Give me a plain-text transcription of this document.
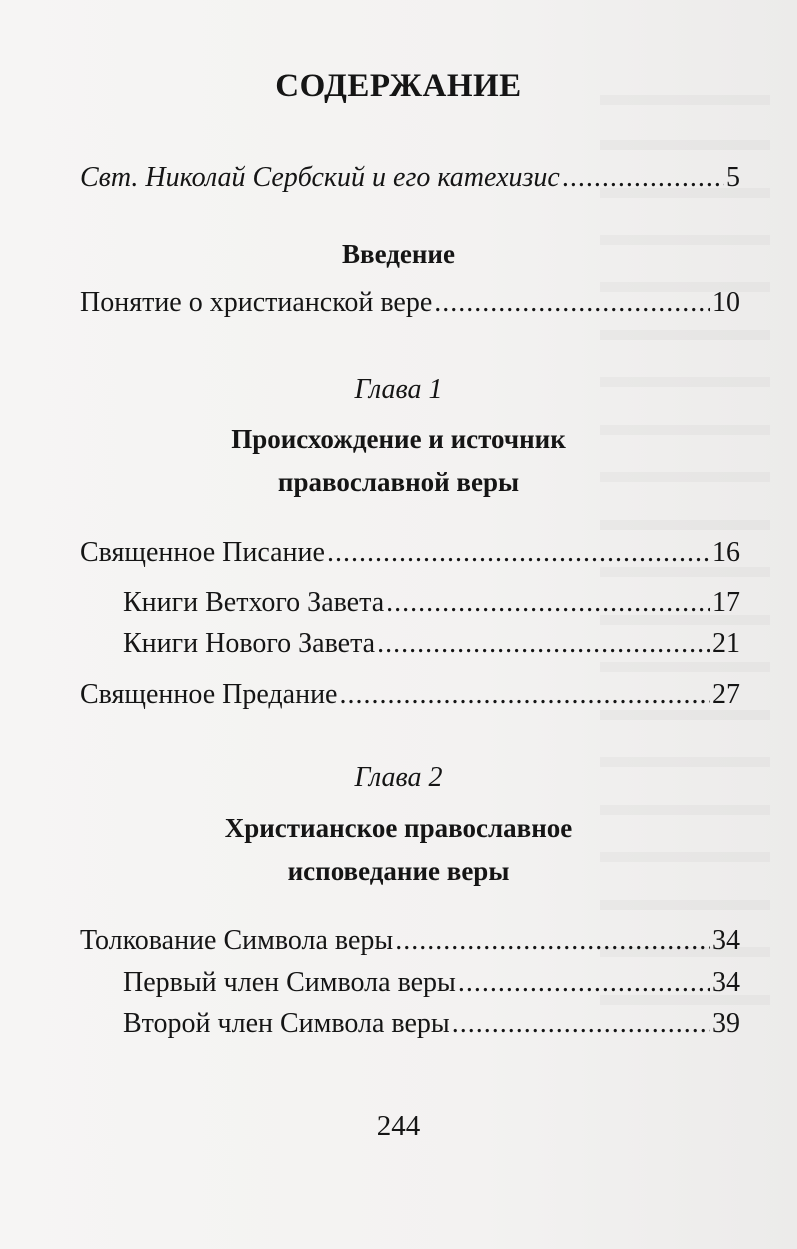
СОДЕРЖАНИЕ
Свт. Николай Сербский и его катехизис .....	5
Введение
Понятие о христианской вере .....	10
Глава 1
Происхождение и источник
православной веры
Священное Писание .....	16
Книги Ветхого Завета .....	17
Книги Нового Завета .....	21
Священное Предание .....	27
Глава 2
Христианское православное
исповедание веры
Толкование Символа веры .....	34
Первый член Символа веры .....	34
Второй член Символа веры .....	39
244
